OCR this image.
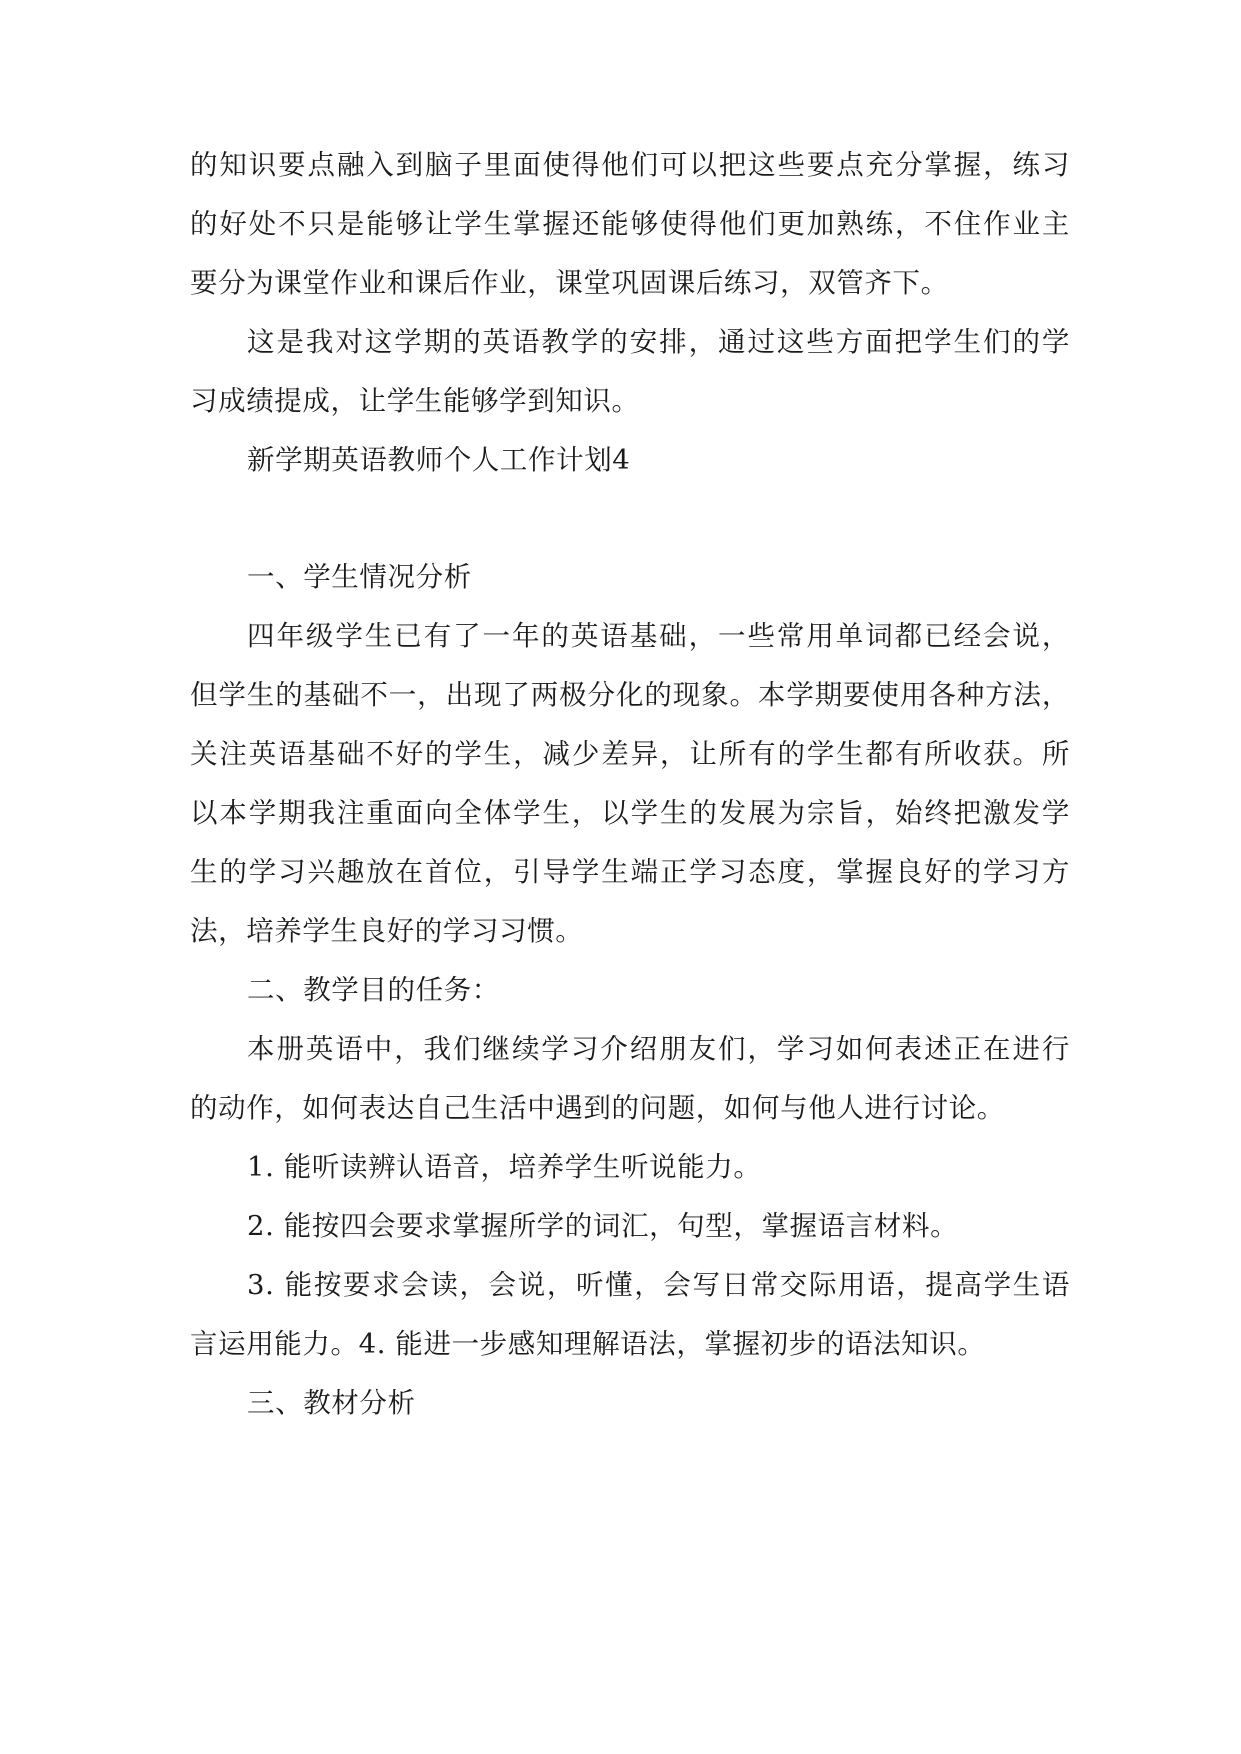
的知识要点融入到脑子里面使得他们可以把这些要点充分掌握，练习
的好处不只是能够让学生掌握还能够使得他们更加熟练，不住作业主
要分为课堂作业和课后作业，课堂巩固课后练习，双管齐下。
这是我对这学期的英语教学的安排，通过这些方面把学生们的学
习成绩提成，让学生能够学到知识。
新学期英语教师个人工作计划4
一、学生情况分析
四年级学生已有了一年的英语基础，一些常用单词都已经会说，
但学生的基础不一，出现了两极分化的现象。本学期要使用各种方法，
关注英语基础不好的学生，减少差异，让所有的学生都有所收获。所
以本学期我注重面向全体学生，以学生的发展为宗旨，始终把激发学
生的学习兴趣放在首位，引导学生端正学习态度，掌握良好的学习方
法，培养学生良好的学习习惯。
二、教学目的任务：
本册英语中，我们继续学习介绍朋友们，学习如何表述正在进行
的动作，如何表达自己生活中遇到的问题，如何与他人进行讨论。
1. 能听读辨认语音，培养学生听说能力。
2. 能按四会要求掌握所学的词汇，句型，掌握语言材料。
3. 能按要求会读，会说，听懂，会写日常交际用语，提高学生语
言运用能力。4. 能进一步感知理解语法，掌握初步的语法知识。
三、教材分析
